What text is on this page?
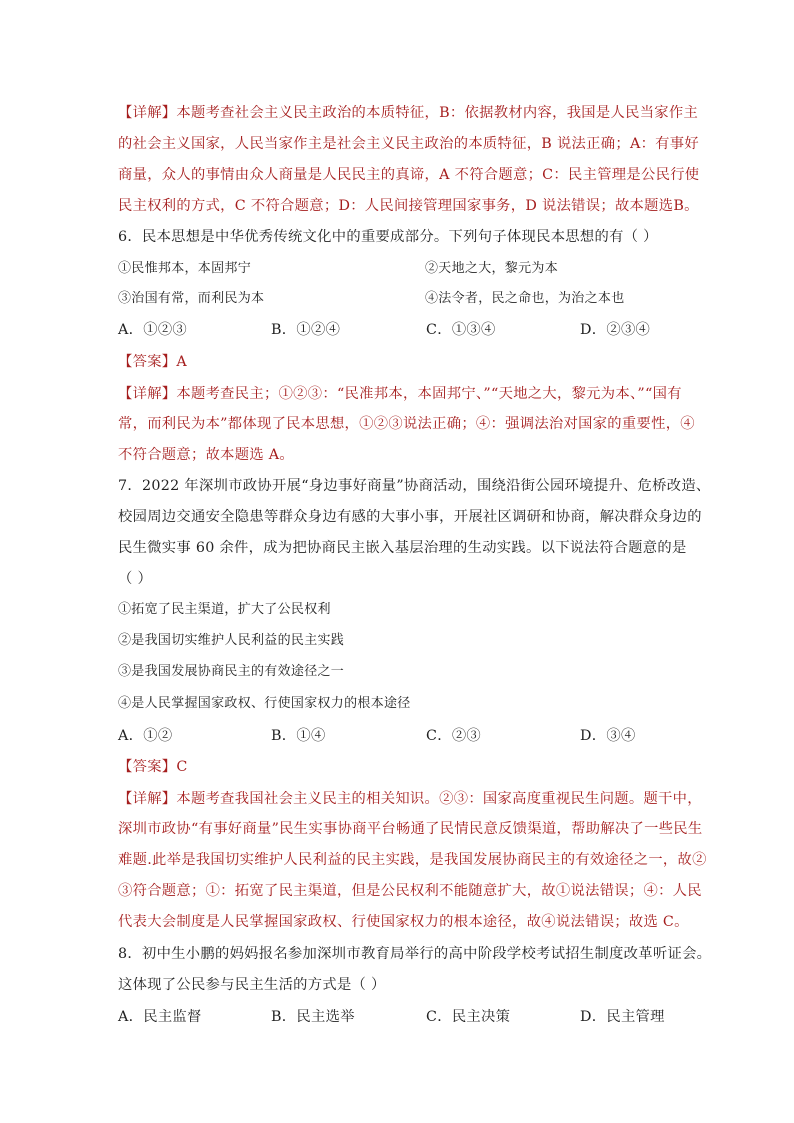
【详解】本题考查社会主义民主政治的本质特征，B：依据教材内容，我国是人民当家作主
的社会主义国家，人民当家作主是社会主义民主政治的本质特征，B 说法正确；A：有事好
商量，众人的事情由众人商量是人民民主的真谛，A 不符合题意；C：民主管理是公民行使
民主权利的方式，C 不符合题意；D：人民间接管理国家事务，D 说法错误；故本题选B。
6．民本思想是中华优秀传统文化中的重要成部分。下列句子体现民本思想的有（ ）
①民惟邦本，本固邦宁	②天地之大，黎元为本
③治国有常，而利民为本	④法令者，民之命也，为治之本也
A．①②③	B．①②④	C．①③④	D．②③④
【答案】A
【详解】本题考查民主；①②③：“民准邦本，本固邦宁、”“天地之大，黎元为本、”“国有
常，而利民为本”都体现了民本思想，①②③说法正确；④：强调法治对国家的重要性，④
不符合题意；故本题选 A。
7．2022 年深圳市政协开展“身边事好商量”协商活动，围绕沿街公园环境提升、危桥改造、
校园周边交通安全隐患等群众身边有感的大事小事，开展社区调研和协商，解决群众身边的
民生微实事 60 余件，成为把协商民主嵌入基层治理的生动实践。以下说法符合题意的是
（ ）
①拓宽了民主渠道，扩大了公民权利
②是我国切实维护人民利益的民主实践
③是我国发展协商民主的有效途径之一
④是人民掌握国家政权、行使国家权力的根本途径
A．①②	B．①④	C．②③	D．③④
【答案】C
【详解】本题考查我国社会主义民主的相关知识。②③：国家高度重视民生问题。题干中，
深圳市政协“有事好商量”民生实事协商平台畅通了民情民意反馈渠道，帮助解决了一些民生
难题.此举是我国切实维护人民利益的民主实践，是我国发展协商民主的有效途径之一，故②
③符合题意；①：拓宽了民主渠道，但是公民权利不能随意扩大，故①说法错误；④：人民
代表大会制度是人民掌握国家政权、行使国家权力的根本途径，故④说法错误；故选 C。
8．初中生小鹏的妈妈报名参加深圳市教育局举行的高中阶段学校考试招生制度改革听证会。
这体现了公民参与民主生活的方式是（ ）
A．民主监督	B．民主选举	C．民主决策	D．民主管理
